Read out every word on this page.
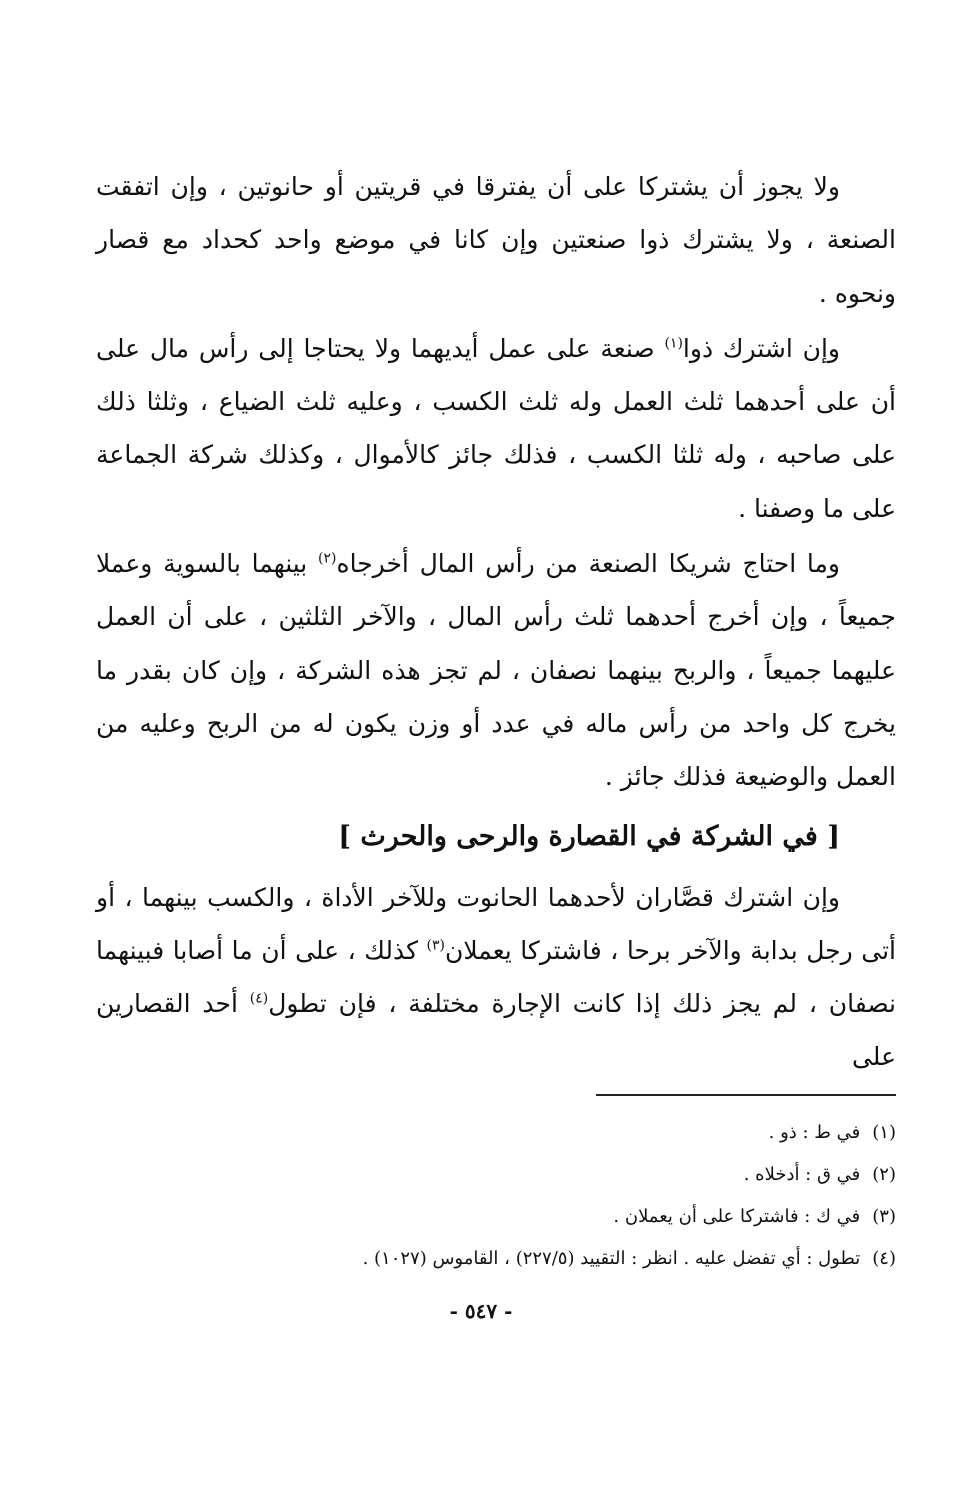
ولا يجوز أن يشتركا على أن يفترقا في قريتين أو حانوتين ، وإن اتفقت الصنعة ، ولا يشترك ذوا صنعتين وإن كانا في موضع واحد كحداد مع قصار ونحوه .

وإن اشترك ذوا$^{(١)}$ صنعة على عمل أيديهما ولا يحتاجا إلى رأس مال على أن على أحدهما ثلث العمل وله ثلث الكسب ، وعليه ثلث الضياع ، وثلثا ذلك على صاحبه ، وله ثلثا الكسب ، فذلك جائز كالأموال ، وكذلك شركة الجماعة على ما وصفنا .

وما احتاج شريكا الصنعة من رأس المال أخرجاه$^{(٢)}$ بينهما بالسوية وعملا جميعاً ، وإن أخرج أحدهما ثلث رأس المال ، والآخر الثلثين ، على أن العمل عليهما جميعاً ، والربح بينهما نصفان ، لم تجز هذه الشركة ، وإن كان بقدر ما يخرج كل واحد من رأس ماله في عدد أو وزن يكون له من الربح وعليه من العمل والوضيعة فذلك جائز .

[ في الشركة في القصارة والرحى والحرث ]

وإن اشترك قصَّاران لأحدهما الحانوت وللآخر الأداة ، والكسب بينهما ، أو أتى رجل بدابة والآخر برحا ، فاشتركا يعملان$^{(٣)}$ كذلك ، على أن ما أصابا فبينهما نصفان ، لم يجز ذلك إذا كانت الإجارة مختلفة ، فإن تطول$^{(٤)}$ أحد القصارين على

(١)في ط : ذو .
(٢)في ق : أدخلاه .
(٣)في ك : فاشتركا على أن يعملان .
(٤)تطول : أي تفضل عليه . انظر : التقييد (٢٢٧/٥) ، القاموس (١٠٢٧) .
- ٥٤٧ -
